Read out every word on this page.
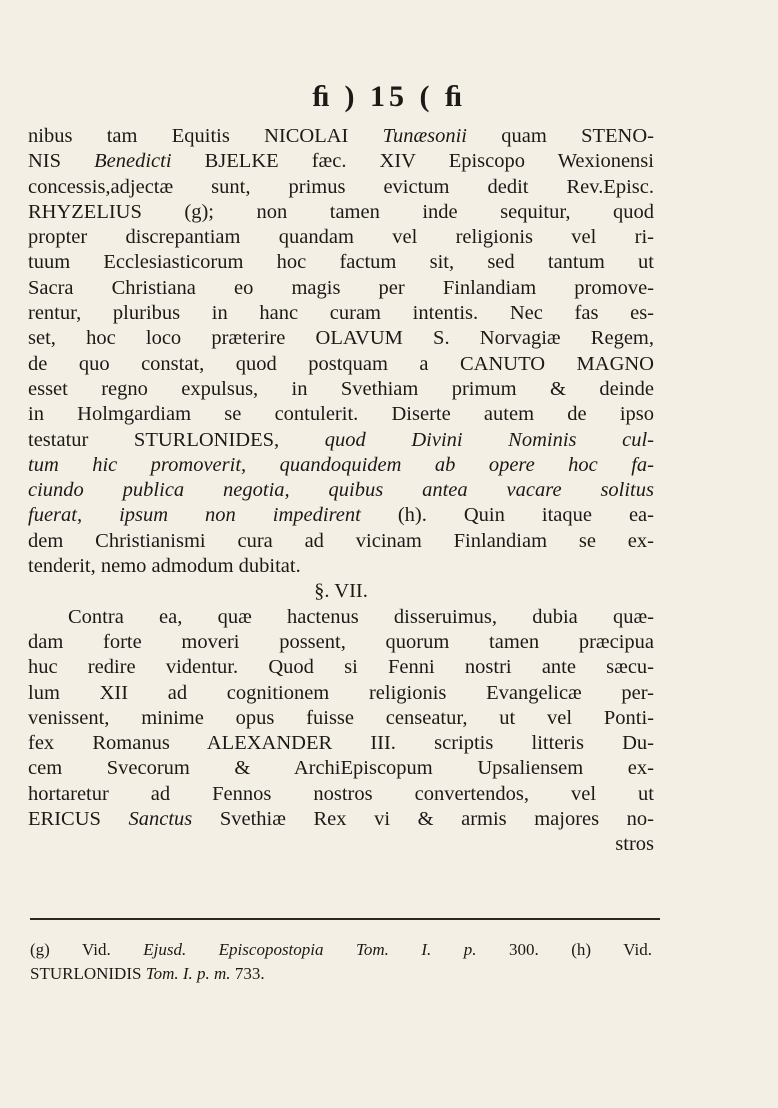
ﬁ ) 15 ( ﬁ
nibus tam Equitis NICOLAI Tunæsonii quam STENO-
NIS Benedicti BJELKE fæc. XIV Episcopo Wexionensi
concessis,adjectæ sunt, primus evictum dedit Rev.Episc.
RHYZELIUS (g); non tamen inde sequitur, quod
propter discrepantiam quandam vel religionis vel ri-
tuum Ecclesiasticorum hoc factum sit, sed tantum ut
Sacra Christiana eo magis per Finlandiam promove-
rentur, pluribus in hanc curam intentis. Nec fas es-
set, hoc loco præterire OLAVUM S. Norvagiæ Regem,
de quo constat, quod postquam a CANUTO MAGNO
esset regno expulsus, in Svethiam primum & deinde
in Holmgardiam se contulerit. Diserte autem de ipso
testatur STURLONIDES, quod Divini Nominis cul-
tum hic promoverit, quandoquidem ab opere hoc fa-
ciundo publica negotia, quibus antea vacare solitus
fuerat, ipsum non impedirent (h). Quin itaque ea-
dem Christianismi cura ad vicinam Finlandiam se ex-
tenderit, nemo admodum dubitat.
§. VII.
Contra ea, quæ hactenus disseruimus, dubia quæ-
dam forte moveri possent, quorum tamen præcipua
huc redire videntur. Quod si Fenni nostri ante sæcu-
lum XII ad cognitionem religionis Evangelicæ per-
venissent, minime opus fuisse censeatur, ut vel Ponti-
fex Romanus ALEXANDER III. scriptis litteris Du-
cem Svecorum & ArchiEpiscopum Upsaliensem ex-
hortaretur ad Fennos nostros convertendos, vel ut
ERICUS Sanctus Svethiæ Rex vi & armis majores no-
stros
(g) Vid. Ejusd. Episcopostopia Tom. I. p. 300. (h) Vid.
STURLONIDIS Tom. I. p. m. 733.
